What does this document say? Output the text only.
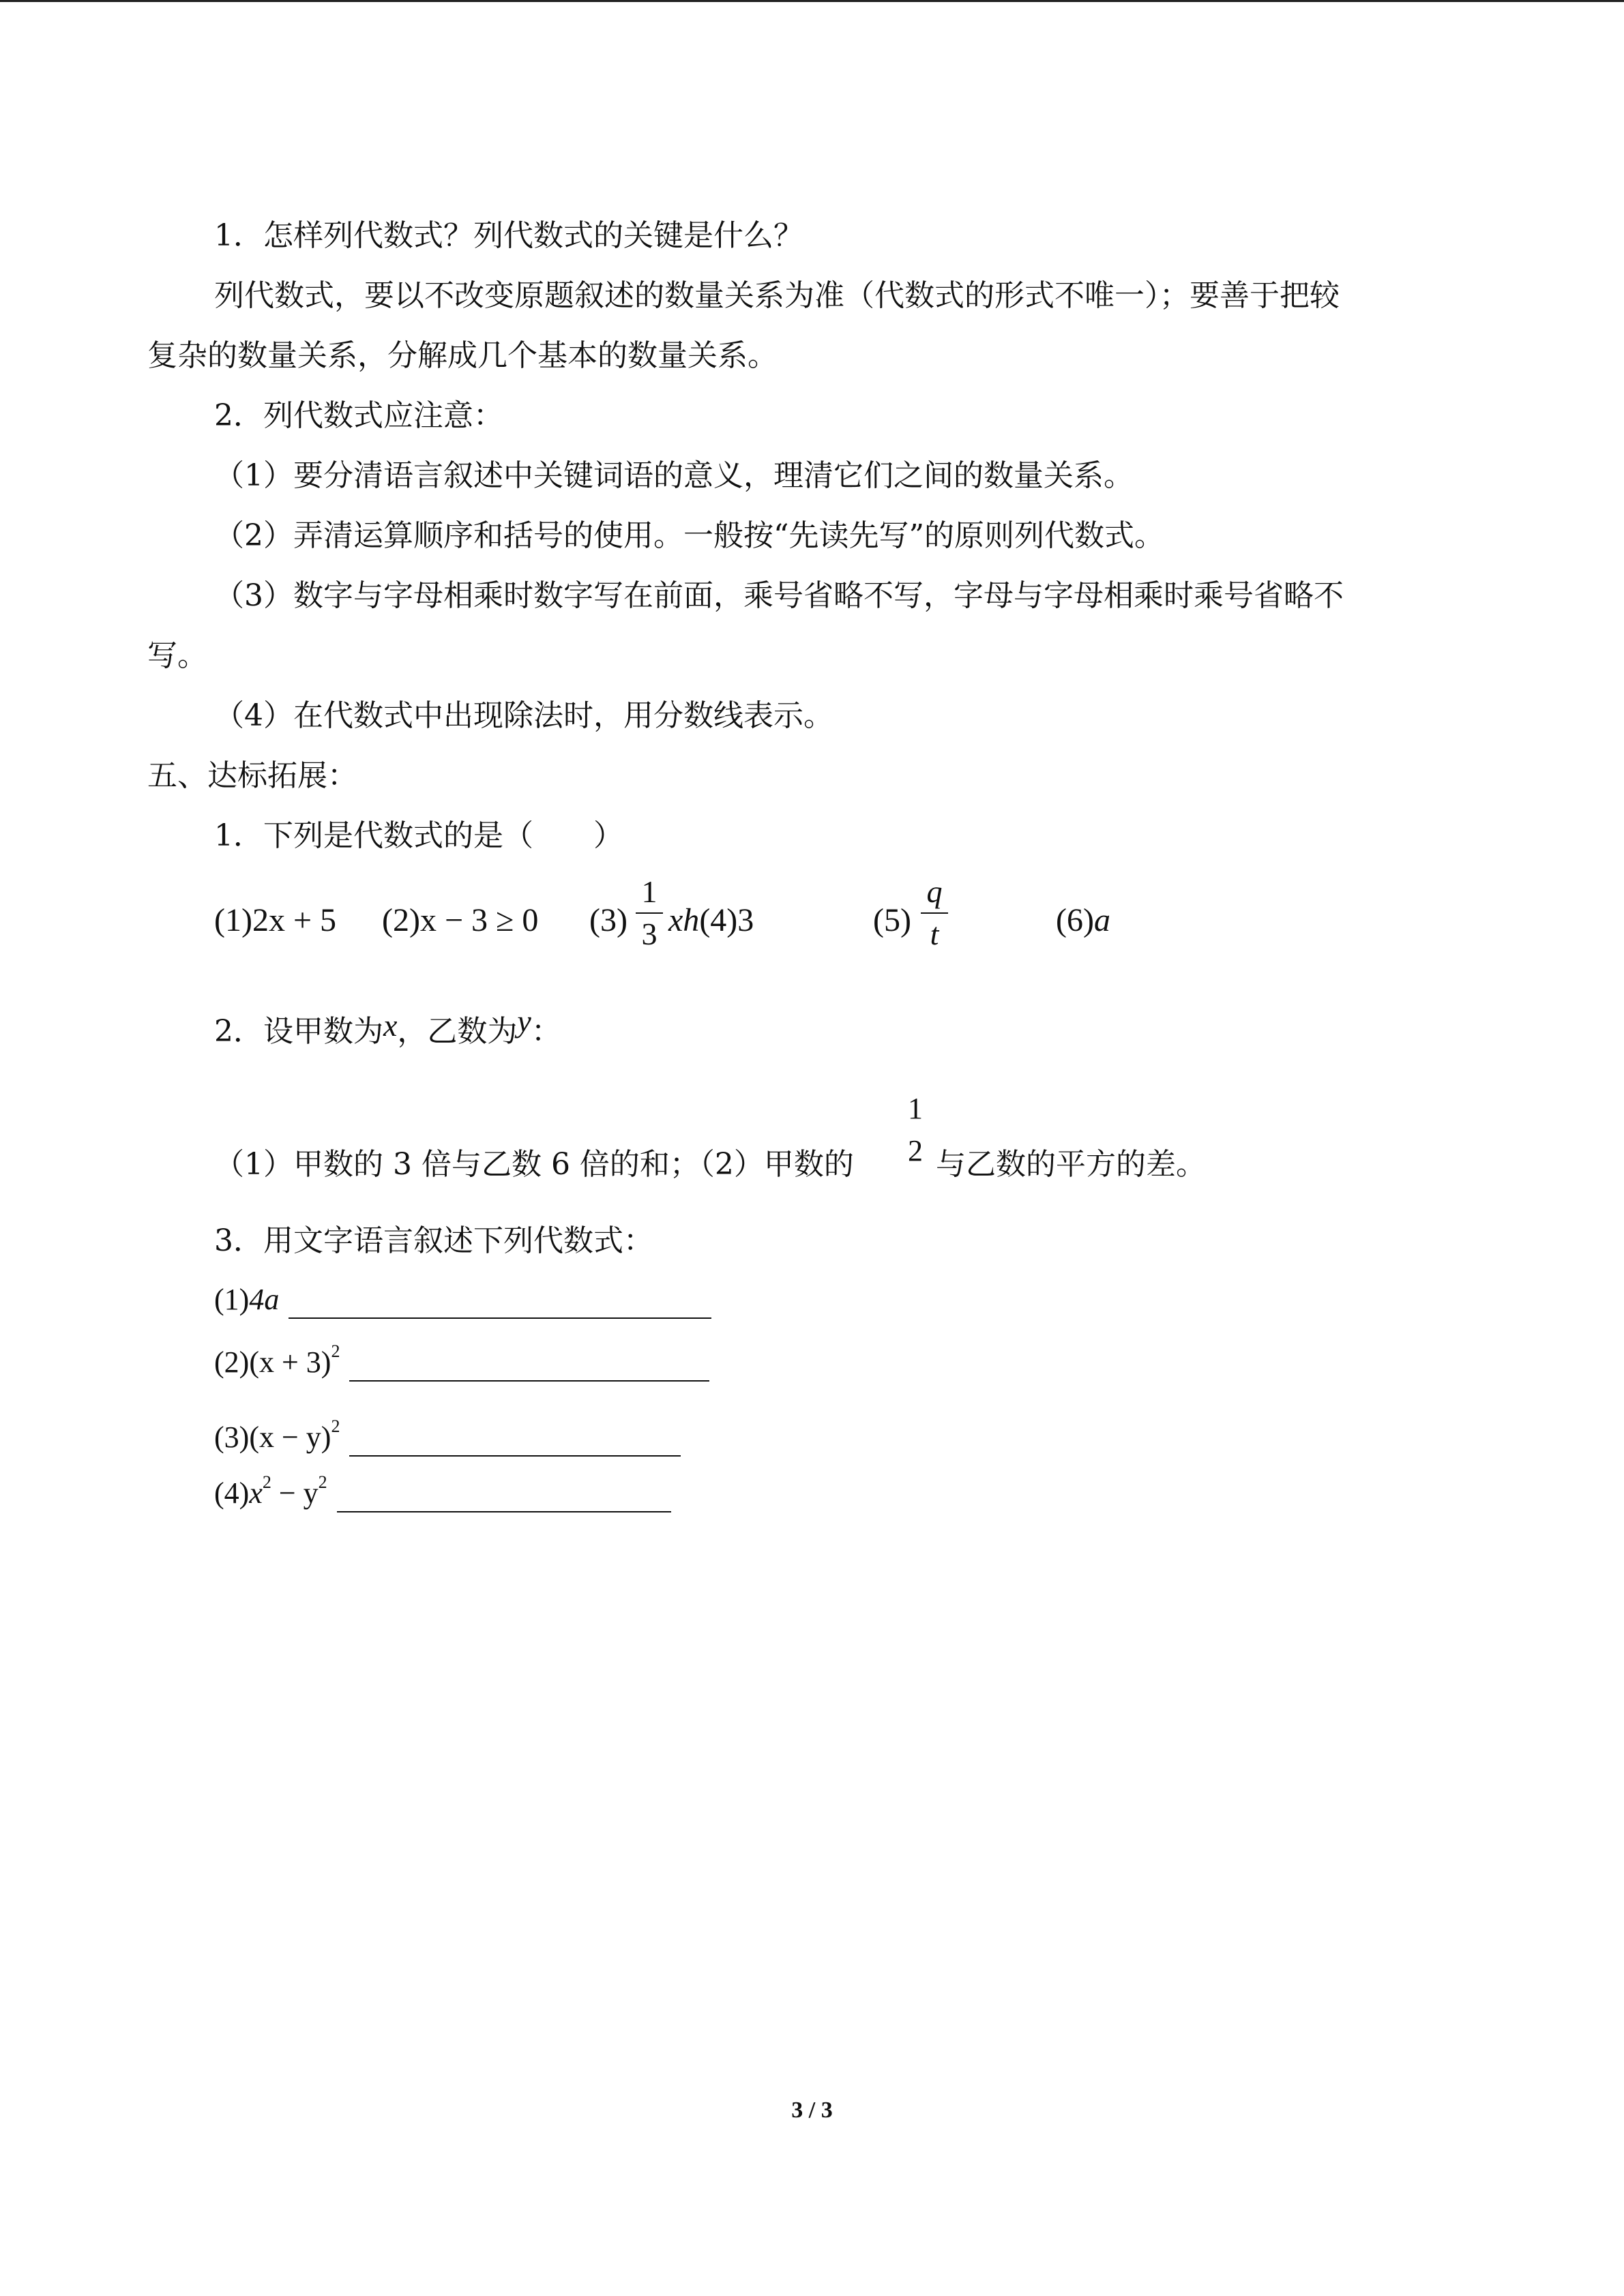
1．怎样列代数式？列代数式的关键是什么？
列代数式，要以不改变原题叙述的数量关系为准（代数式的形式不唯一）；要善于把较
复杂的数量关系，分解成几个基本的数量关系。
2．列代数式应注意：
（1）要分清语言叙述中关键词语的意义，理清它们之间的数量关系。
（2）弄清运算顺序和括号的使用。一般按“先读先写”的原则列代数式。
（3）数字与字母相乘时数字写在前面，乘号省略不写，字母与字母相乘时乘号省略不
写。
（4）在代数式中出现除法时，用分数线表示。
五、达标拓展：
1．下列是代数式的是（　　）
(1)2x + 5 (2)x − 3 ≥ 0 (3)
1
3 xh(4)3	(5)
q
t	(6)a
2．设甲数为x，乙数为y：
（1）甲数的 3 倍与乙数 6 倍的和；（2）甲数的
1
2 与乙数的平方的差。
3．用文字语言叙述下列代数式：
(1)4a
$(2)(x + 3)^2$
$(3)(x - y)^2$
$(4)x^2 - y^2$
3 / 3
